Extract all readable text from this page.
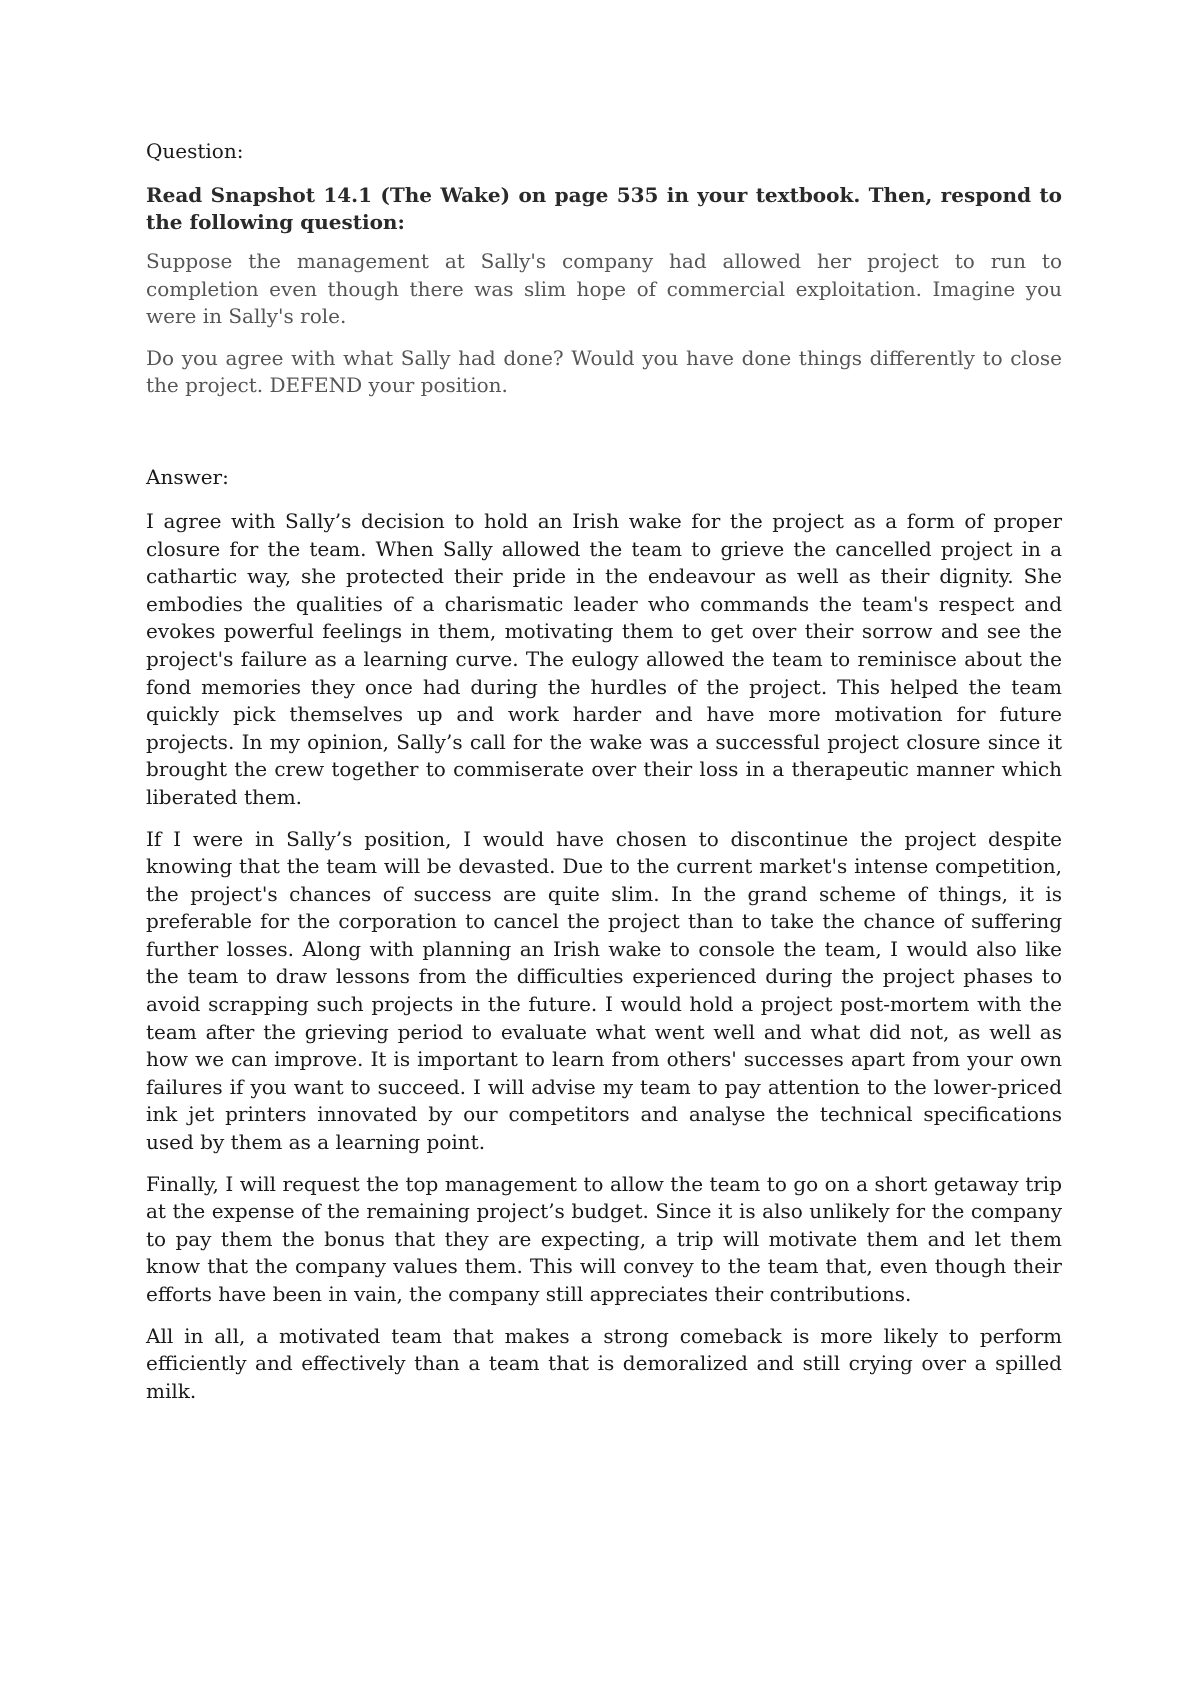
Question:

Read Snapshot 14.1 (The Wake) on page 535 in your textbook. Then, respond to the following question:

Suppose the management at Sally's company had allowed her project to run to completion even though there was slim hope of commercial exploitation. Imagine you were in Sally's role.

Do you agree with what Sally had done? Would you have done things differently to close the project. DEFEND your position.

Answer:

I agree with Sally’s decision to hold an Irish wake for the project as a form of proper closure for the team. When Sally allowed the team to grieve the cancelled project in a cathartic way, she protected their pride in the endeavour as well as their dignity. She embodies the qualities of a charismatic leader who commands the team's respect and evokes powerful feelings in them, motivating them to get over their sorrow and see the project's failure as a learning curve. The eulogy allowed the team to reminisce about the fond memories they once had during the hurdles of the project. This helped the team quickly pick themselves up and work harder and have more motivation for future projects. In my opinion, Sally’s call for the wake was a successful project closure since it brought the crew together to commiserate over their loss in a therapeutic manner which liberated them.

If I were in Sally’s position, I would have chosen to discontinue the project despite knowing that the team will be devasted. Due to the current market's intense competition, the project's chances of success are quite slim. In the grand scheme of things, it is preferable for the corporation to cancel the project than to take the chance of suffering further losses. Along with planning an Irish wake to console the team, I would also like the team to draw lessons from the difficulties experienced during the project phases to avoid scrapping such projects in the future. I would hold a project post-mortem with the team after the grieving period to evaluate what went well and what did not, as well as how we can improve. It is important to learn from others' successes apart from your own failures if you want to succeed. I will advise my team to pay attention to the lower-priced ink jet printers innovated by our competitors and analyse the technical specifications used by them as a learning point.

Finally, I will request the top management to allow the team to go on a short getaway trip at the expense of the remaining project’s budget. Since it is also unlikely for the company to pay them the bonus that they are expecting, a trip will motivate them and let them know that the company values them. This will convey to the team that, even though their efforts have been in vain, the company still appreciates their contributions.

All in all, a motivated team that makes a strong comeback is more likely to perform efficiently and effectively than a team that is demoralized and still crying over a spilled milk.
